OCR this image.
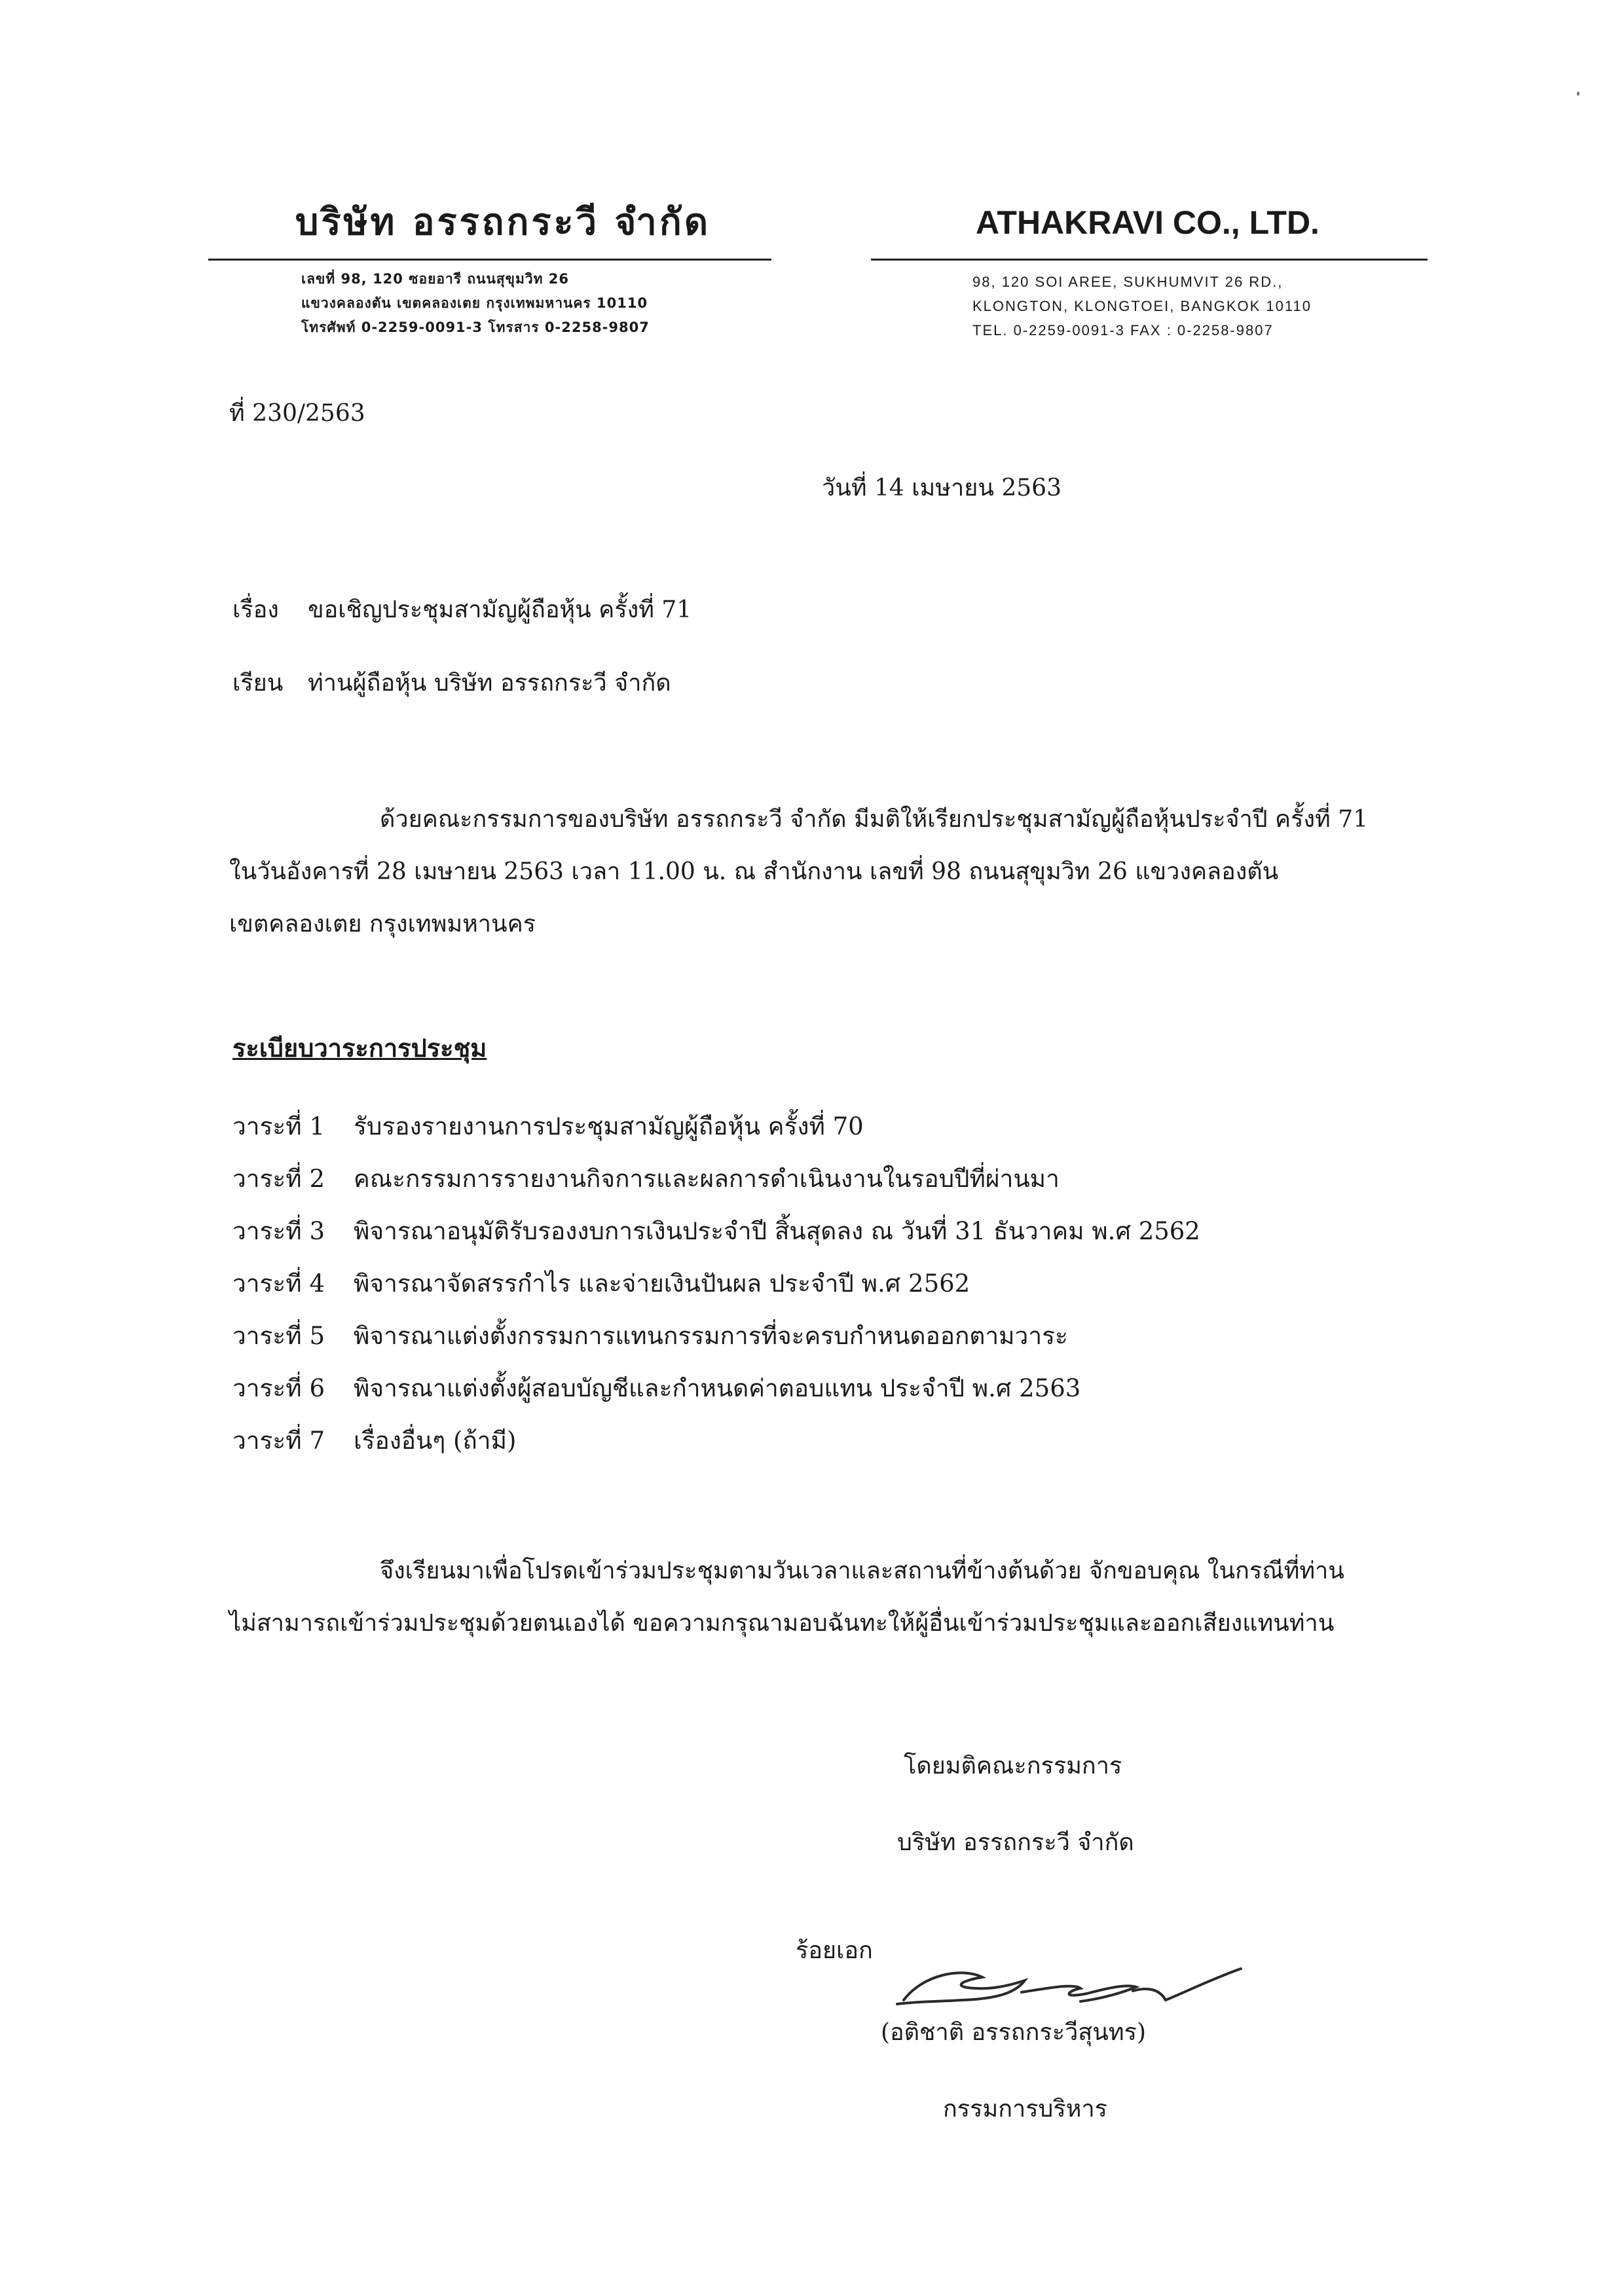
บริษัท อรรถกระวี จำกัด
เลขที่ 98, 120 ซอยอารี ถนนสุขุมวิท 26
แขวงคลองตัน เขตคลองเตย กรุงเทพมหานคร 10110
โทรศัพท์ 0-2259-0091-3 โทรสาร 0-2258-9807
ATHAKRAVI CO., LTD.
98, 120 SOI AREE, SUKHUMVIT 26 RD.,
KLONGTON, KLONGTOEI, BANGKOK 10110
TEL. 0-2259-0091-3 FAX : 0-2258-9807
ที่ 230/2563
วันที่ 14 เมษายน 2563
เรื่อง ขอเชิญประชุมสามัญผู้ถือหุ้น ครั้งที่ 71
เรียน ท่านผู้ถือหุ้น บริษัท อรรถกระวี จำกัด
ด้วยคณะกรรมการของบริษัท อรรถกระวี จำกัด มีมติให้เรียกประชุมสามัญผู้ถือหุ้นประจำปี ครั้งที่ 71
ในวันอังคารที่ 28 เมษายน 2563 เวลา 11.00 น. ณ สำนักงาน เลขที่ 98 ถนนสุขุมวิท 26 แขวงคลองตัน
เขตคลองเตย กรุงเทพมหานคร
ระเบียบวาระการประชุม
วาระที่ 1	รับรองรายงานการประชุมสามัญผู้ถือหุ้น ครั้งที่ 70
วาระที่ 2	คณะกรรมการรายงานกิจการและผลการดำเนินงานในรอบปีที่ผ่านมา
วาระที่ 3	พิจารณาอนุมัติรับรองงบการเงินประจำปี สิ้นสุดลง ณ วันที่ 31 ธันวาคม พ.ศ 2562
วาระที่ 4	พิจารณาจัดสรรกำไร และจ่ายเงินปันผล ประจำปี พ.ศ 2562
วาระที่ 5	พิจารณาแต่งตั้งกรรมการแทนกรรมการที่จะครบกำหนดออกตามวาระ
วาระที่ 6	พิจารณาแต่งตั้งผู้สอบบัญชีและกำหนดค่าตอบแทน ประจำปี พ.ศ 2563
วาระที่ 7	เรื่องอื่นๆ (ถ้ามี)
จึงเรียนมาเพื่อโปรดเข้าร่วมประชุมตามวันเวลาและสถานที่ข้างต้นด้วย จักขอบคุณ ในกรณีที่ท่าน
ไม่สามารถเข้าร่วมประชุมด้วยตนเองได้ ขอความกรุณามอบฉันทะให้ผู้อื่นเข้าร่วมประชุมและออกเสียงแทนท่าน
โดยมติคณะกรรมการ
บริษัท อรรถกระวี จำกัด
ร้อยเอก
(อติชาติ อรรถกระวีสุนทร)
กรรมการบริหาร
